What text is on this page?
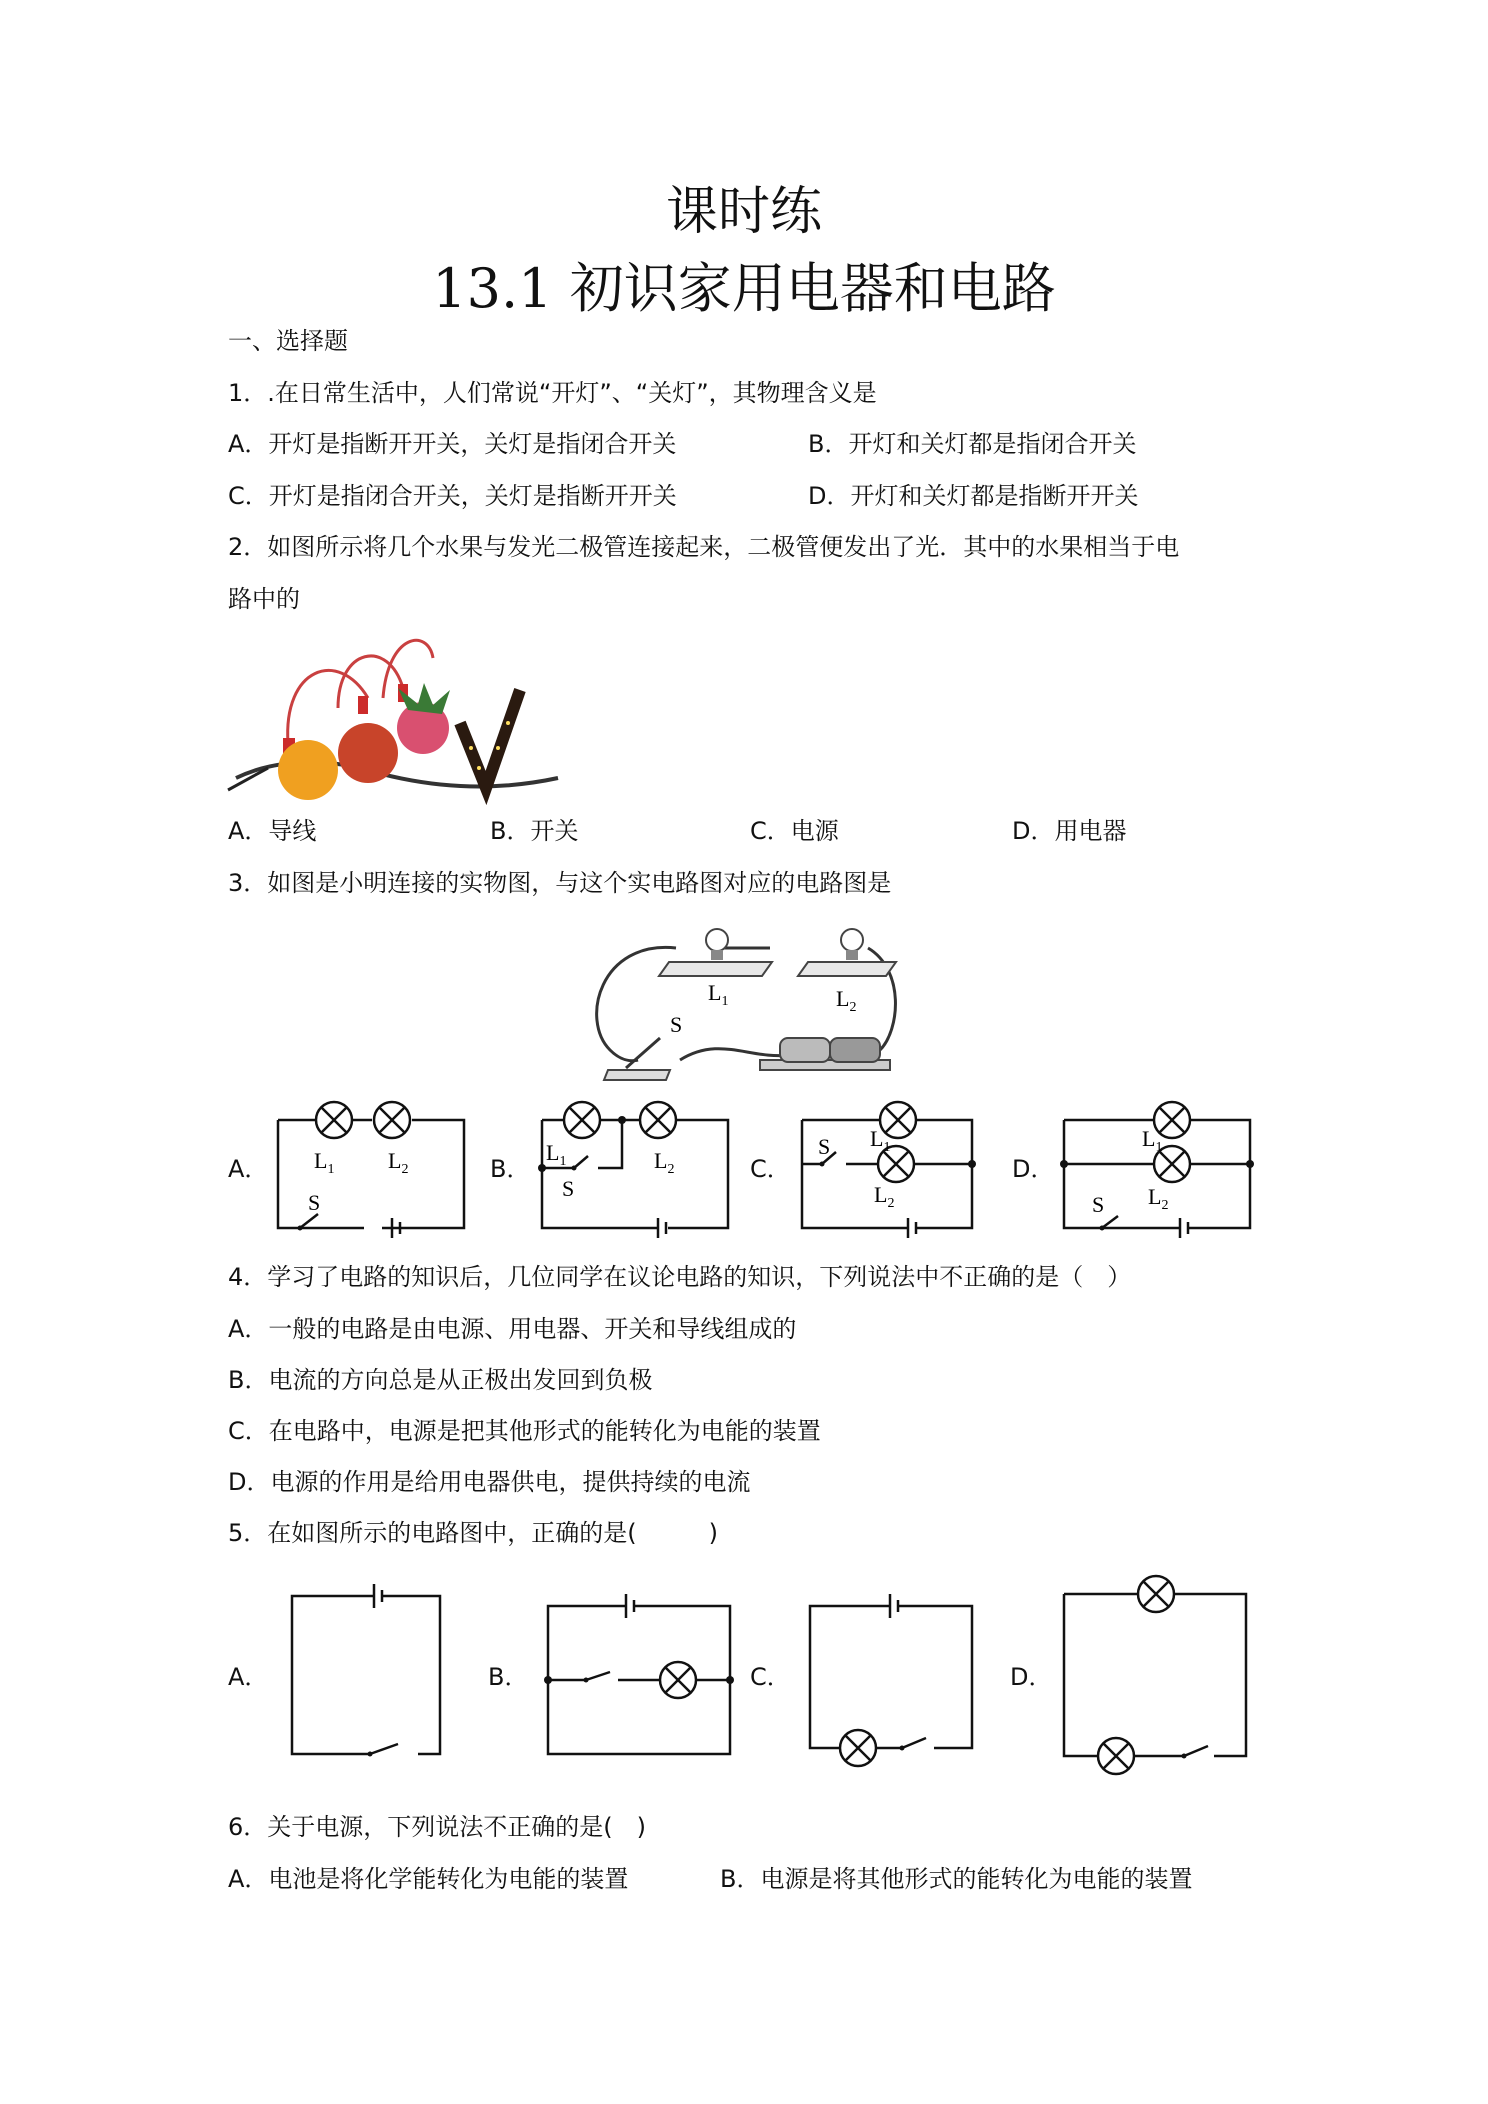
课时练
13.1 初识家用电器和电路
一、选择题
1．.在日常生活中，人们常说“开灯”、“关灯”，其物理含义是
A．开灯是指断开开关，关灯是指闭合开关	B．开灯和关灯都是指闭合开关
C．开灯是指闭合开关，关灯是指断开开关	D．开灯和关灯都是指断开开关
2．如图所示将几个水果与发光二极管连接起来，二极管便发出了光．其中的水果相当于电
路中的
A．导线	B．开关	C．电源	D．用电器
3．如图是小明连接的实物图，与这个实电路图对应的电路图是
$L_1$	$L_2$
S
A．	B．	C．	D．
$L_1$ $L_2$
S
$L_1$	$L_2$
S
$L_1$
$L_2$
S	$L_1$
$L_2$
S
4．学习了电路的知识后，几位同学在议论电路的知识，下列说法中不正确的是（　）
A．一般的电路是由电源、用电器、开关和导线组成的
B．电流的方向总是从正极出发回到负极
C．在电路中，电源是把其他形式的能转化为电能的装置
D．电源的作用是给用电器供电，提供持续的电流
5．在如图所示的电路图中，正确的是(　　　)
A．	B．	C．	D．
6．关于电源，下列说法不正确的是(　)
A．电池是将化学能转化为电能的装置	B．电源是将其他形式的能转化为电能的装置
